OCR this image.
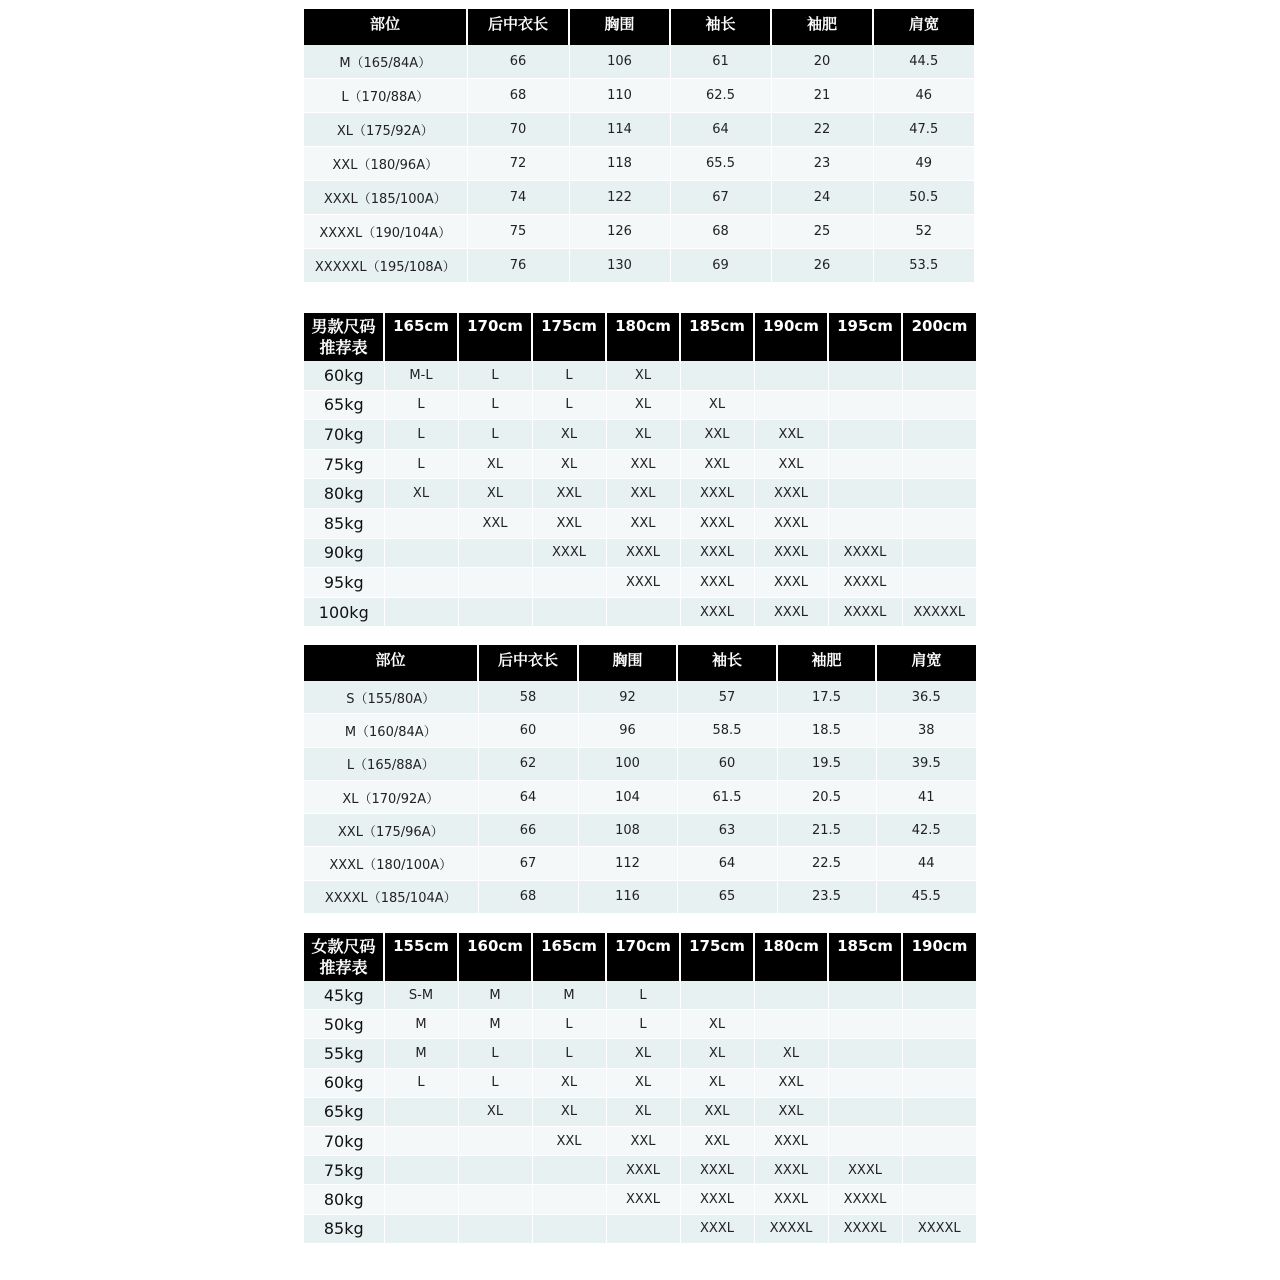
部位	后中衣长	胸围	袖长	袖肥	肩宽
M（165/84A）	66	106	61	20	44.5
L（170/88A）	68	110	62.5	21	46
XL（175/92A）	70	114	64	22	47.5
XXL（180/96A）	72	118	65.5	23	49
XXXL（185/100A）	74	122	67	24	50.5
XXXXL（190/104A）	75	126	68	25	52
XXXXXL（195/108A）	76	130	69	26	53.5
男款尺码
推荐表	165cm	170cm	175cm	180cm	185cm	190cm	195cm	200cm
60kg	M-L	L	L	XL				
65kg	L	L	L	XL	XL			
70kg	L	L	XL	XL	XXL	XXL		
75kg	L	XL	XL	XXL	XXL	XXL		
80kg	XL	XL	XXL	XXL	XXXL	XXXL		
85kg		XXL	XXL	XXL	XXXL	XXXL		
90kg			XXXL	XXXL	XXXL	XXXL	XXXXL	
95kg				XXXL	XXXL	XXXL	XXXXL	
100kg					XXXL	XXXL	XXXXL	XXXXXL
部位	后中衣长	胸围	袖长	袖肥	肩宽
S（155/80A）	58	92	57	17.5	36.5
M（160/84A）	60	96	58.5	18.5	38
L（165/88A）	62	100	60	19.5	39.5
XL（170/92A）	64	104	61.5	20.5	41
XXL（175/96A）	66	108	63	21.5	42.5
XXXL（180/100A）	67	112	64	22.5	44
XXXXL（185/104A）	68	116	65	23.5	45.5
女款尺码
推荐表	155cm	160cm	165cm	170cm	175cm	180cm	185cm	190cm
45kg	S-M	M	M	L				
50kg	M	M	L	L	XL			
55kg	M	L	L	XL	XL	XL		
60kg	L	L	XL	XL	XL	XXL		
65kg		XL	XL	XL	XXL	XXL		
70kg			XXL	XXL	XXL	XXXL		
75kg				XXXL	XXXL	XXXL	XXXL	
80kg				XXXL	XXXL	XXXL	XXXXL	
85kg					XXXL	XXXXL	XXXXL	XXXXL
